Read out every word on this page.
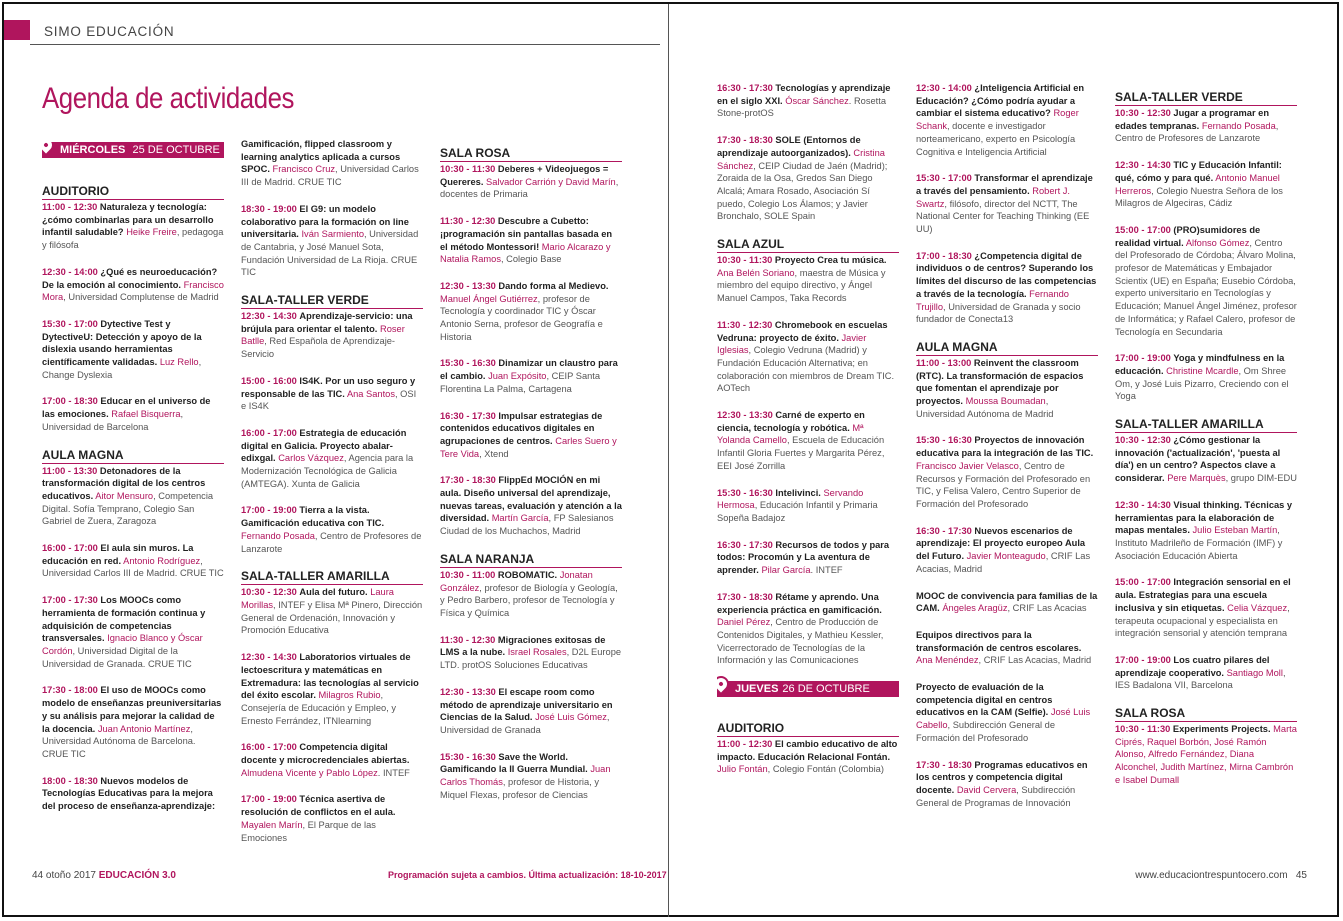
SIMO EDUCACIÓN
Agenda de actividades
MIÉRCOLES 25 DE OCTUBRE
AUDITORIO

11:00 - 12:30 Naturaleza y tecnología: ¿cómo combinarlas para un desarrollo infantil saludable? Heike Freire, pedagoga y filósofa

12:30 - 14:00 ¿Qué es neuroeducación? De la emoción al conocimiento. Francisco Mora, Universidad Complutense de Madrid

15:30 - 17:00 Dytective Test y DytectiveU: Detección y apoyo de la dislexia usando herramientas científicamente validadas. Luz Rello, Change Dyslexia

17:00 - 18:30 Educar en el universo de las emociones. Rafael Bisquerra, Universidad de Barcelona

AULA MAGNA

11:00 - 13:30 Detonadores de la transformación digital de los centros educativos. Aitor Mensuro, Competencia Digital. Sofía Temprano, Colegio San Gabriel de Zuera, Zaragoza

16:00 - 17:00 El aula sin muros. La educación en red. Antonio Rodríguez, Universidad Carlos III de Madrid. CRUE TIC

17:00 - 17:30 Los MOOCs como herramienta de formación continua y adquisición de competencias transversales. Ignacio Blanco y Óscar Cordón, Universidad Digital de la Universidad de Granada. CRUE TIC

17:30 - 18:00 El uso de MOOCs como modelo de enseñanzas preuniversitarias y su análisis para mejorar la calidad de la docencia. Juan Antonio Martínez, Universidad Autónoma de Barcelona. CRUE TIC

18:00 - 18:30 Nuevos modelos de Tecnologías Educativas para la mejora del proceso de enseñanza-aprendizaje:

Gamificación, flipped classroom y learning analytics aplicada a cursos SPOC. Francisco Cruz, Universidad Carlos III de Madrid. CRUE TIC

18:30 - 19:00 El G9: un modelo colaborativo para la formación on line universitaria. Iván Sarmiento, Universidad de Cantabria, y José Manuel Sota, Fundación Universidad de La Rioja. CRUE TIC

SALA-TALLER VERDE

12:30 - 14:30 Aprendizaje-servicio: una brújula para orientar el talento. Roser Batlle, Red Española de Aprendizaje-Servicio

15:00 - 16:00 IS4K. Por un uso seguro y responsable de las TIC. Ana Santos, OSI e IS4K

16:00 - 17:00 Estrategia de educación digital en Galicia. Proyecto abalar-edixgal. Carlos Vázquez, Agencia para la Modernización Tecnológica de Galicia (AMTEGA). Xunta de Galicia

17:00 - 19:00 Tierra a la vista. Gamificación educativa con TIC. Fernando Posada, Centro de Profesores de Lanzarote

SALA-TALLER AMARILLA

10:30 - 12:30 Aula del futuro. Laura Morillas, INTEF y Elisa Mª Pinero, Dirección General de Ordenación, Innovación y Promoción Educativa

12:30 - 14:30 Laboratorios virtuales de lectoescritura y matemáticas en Extremadura: las tecnologías al servicio del éxito escolar. Milagros Rubio, Consejería de Educación y Empleo, y Ernesto Ferrández, ITNlearning

16:00 - 17:00 Competencia digital docente y microcredenciales abiertas. Almudena Vicente y Pablo López. INTEF

17:00 - 19:00 Técnica asertiva de resolución de conflictos en el aula. Mayalen Marín, El Parque de las Emociones

SALA ROSA

10:30 - 11:30 Deberes + Videojuegos = Quereres. Salvador Carrión y David Marín, docentes de Primaria

11:30 - 12:30 Descubre a Cubetto: ¡programación sin pantallas basada en el método Montessori! Mario Alcarazo y Natalia Ramos, Colegio Base

12:30 - 13:30 Dando forma al Medievo. Manuel Ángel Gutiérrez, profesor de Tecnología y coordinador TIC y Óscar Antonio Serna, profesor de Geografía e Historia

15:30 - 16:30 Dinamizar un claustro para el cambio. Juan Expósito, CEIP Santa Florentina La Palma, Cartagena

16:30 - 17:30 Impulsar estrategias de contenidos educativos digitales en agrupaciones de centros. Carles Suero y Tere Vida, Xtend

17:30 - 18:30 FlippEd MOCIÓN en mi aula. Diseño universal del aprendizaje, nuevas tareas, evaluación y atención a la diversidad. Martín García, FP Salesianos Ciudad de los Muchachos, Madrid

SALA NARANJA

10:30 - 11:00 ROBOMATIC. Jonatan González, profesor de Biología y Geología, y Pedro Barbero, profesor de Tecnología y Física y Química

11:30 - 12:30 Migraciones exitosas de LMS a la nube. Israel Rosales, D2L Europe LTD. protOS Soluciones Educativas

12:30 - 13:30 El escape room como método de aprendizaje universitario en Ciencias de la Salud. José Luis Gómez, Universidad de Granada

15:30 - 16:30 Save the World. Gamificando la II Guerra Mundial. Juan Carlos Thomás, profesor de Historia, y Miquel Flexas, profesor de Ciencias

16:30 - 17:30 Tecnologías y aprendizaje en el siglo XXI. Óscar Sánchez. Rosetta Stone-protOS

17:30 - 18:30 SOLE (Entornos de aprendizaje autoorganizados). Cristina Sánchez, CEIP Ciudad de Jaén (Madrid); Zoraida de la Osa, Gredos San Diego Alcalá; Amara Rosado, Asociación Sí puedo, Colegio Los Álamos; y Javier Bronchalo, SOLE Spain

SALA AZUL

10:30 - 11:30 Proyecto Crea tu música. Ana Belén Soriano, maestra de Música y miembro del equipo directivo, y Ángel Manuel Campos, Taka Records

11:30 - 12:30 Chromebook en escuelas Vedruna: proyecto de éxito. Javier Iglesias, Colegio Vedruna (Madrid) y Fundación Educación Alternativa; en colaboración con miembros de Dream TIC. AOTech

12:30 - 13:30 Carné de experto en ciencia, tecnología y robótica. Mª Yolanda Camello, Escuela de Educación Infantil Gloria Fuertes y Margarita Pérez, EEI José Zorrilla

15:30 - 16:30 Intelivinci. Servando Hermosa, Educación Infantil y Primaria Sopeña Badajoz

16:30 - 17:30 Recursos de todos y para todos: Procomún y La aventura de aprender. Pilar García. INTEF

17:30 - 18:30 Rétame y aprendo. Una experiencia práctica en gamificación. Daniel Pérez, Centro de Producción de Contenidos Digitales, y Mathieu Kessler, Vicerrectorado de Tecnologías de la Información y las Comunicaciones

JUEVES 26 DE OCTUBRE
AUDITORIO

11:00 - 12:30 El cambio educativo de alto impacto. Educación Relacional Fontán. Julio Fontán, Colegio Fontán (Colombia)

12:30 - 14:00 ¿Inteligencia Artificial en Educación? ¿Cómo podría ayudar a cambiar el sistema educativo? Roger Schank, docente e investigador norteamericano, experto en Psicología Cognitiva e Inteligencia Artificial

15:30 - 17:00 Transformar el aprendizaje a través del pensamiento. Robert J. Swartz, filósofo, director del NCTT, The National Center for Teaching Thinking (EE UU)

17:00 - 18:30 ¿Competencia digital de individuos o de centros? Superando los límites del discurso de las competencias a través de la tecnología. Fernando Trujillo, Universidad de Granada y socio fundador de Conecta13

AULA MAGNA

11:00 - 13:00 Reinvent the classroom (RTC). La transformación de espacios que fomentan el aprendizaje por proyectos. Moussa Boumadan, Universidad Autónoma de Madrid

15:30 - 16:30 Proyectos de innovación educativa para la integración de las TIC. Francisco Javier Velasco, Centro de Recursos y Formación del Profesorado en TIC, y Felisa Valero, Centro Superior de Formación del Profesorado

16:30 - 17:30 Nuevos escenarios de aprendizaje: El proyecto europeo Aula del Futuro. Javier Monteagudo, CRIF Las Acacias, Madrid

MOOC de convivencia para familias de la CAM. Ángeles Aragüz, CRIF Las Acacias

Equipos directivos para la transformación de centros escolares. Ana Menéndez, CRIF Las Acacias, Madrid

Proyecto de evaluación de la competencia digital en centros educativos en la CAM (Selfie). José Luis Cabello, Subdirección General de Formación del Profesorado

17:30 - 18:30 Programas educativos en los centros y competencia digital docente. David Cervera, Subdirección General de Programas de Innovación

SALA-TALLER VERDE

10:30 - 12:30 Jugar a programar en edades tempranas. Fernando Posada, Centro de Profesores de Lanzarote

12:30 - 14:30 TIC y Educación Infantil: qué, cómo y para qué. Antonio Manuel Herreros, Colegio Nuestra Señora de los Milagros de Algeciras, Cádiz

15:00 - 17:00 (PRO)sumidores de realidad virtual. Alfonso Gómez, Centro del Profesorado de Córdoba; Álvaro Molina, profesor de Matemáticas y Embajador Scientix (UE) en España; Eusebio Córdoba, experto universitario en Tecnologías y Educación; Manuel Ángel Jiménez, profesor de Informática; y Rafael Calero, profesor de Tecnología en Secundaria

17:00 - 19:00 Yoga y mindfulness en la educación. Christine Mcardle, Om Shree Om, y José Luis Pizarro, Creciendo con el Yoga

SALA-TALLER AMARILLA

10:30 - 12:30 ¿Cómo gestionar la innovación ('actualización', 'puesta al día') en un centro? Aspectos clave a considerar. Pere Marquès, grupo DIM-EDU

12:30 - 14:30 Visual thinking. Técnicas y herramientas para la elaboración de mapas mentales. Julio Esteban Martín, Instituto Madrileño de Formación (IMF) y Asociación Educación Abierta

15:00 - 17:00 Integración sensorial en el aula. Estrategias para una escuela inclusiva y sin etiquetas. Celia Vázquez, terapeuta ocupacional y especialista en integración sensorial y atención temprana

17:00 - 19:00 Los cuatro pilares del aprendizaje cooperativo. Santiago Moll, IES Badalona VII, Barcelona

SALA ROSA

10:30 - 11:30 Experiments Projects. Marta Ciprés, Raquel Borbón, José Ramón Alonso, Alfredo Fernández, Diana Alconchel, Judith Martínez, Mirna Cambrón e Isabel Dumall

44 otoño 2017 EDUCACIÓN 3.0	Programación sujeta a cambios. Última actualización: 18-10-2017	www.educaciontrespuntocero.com 45
